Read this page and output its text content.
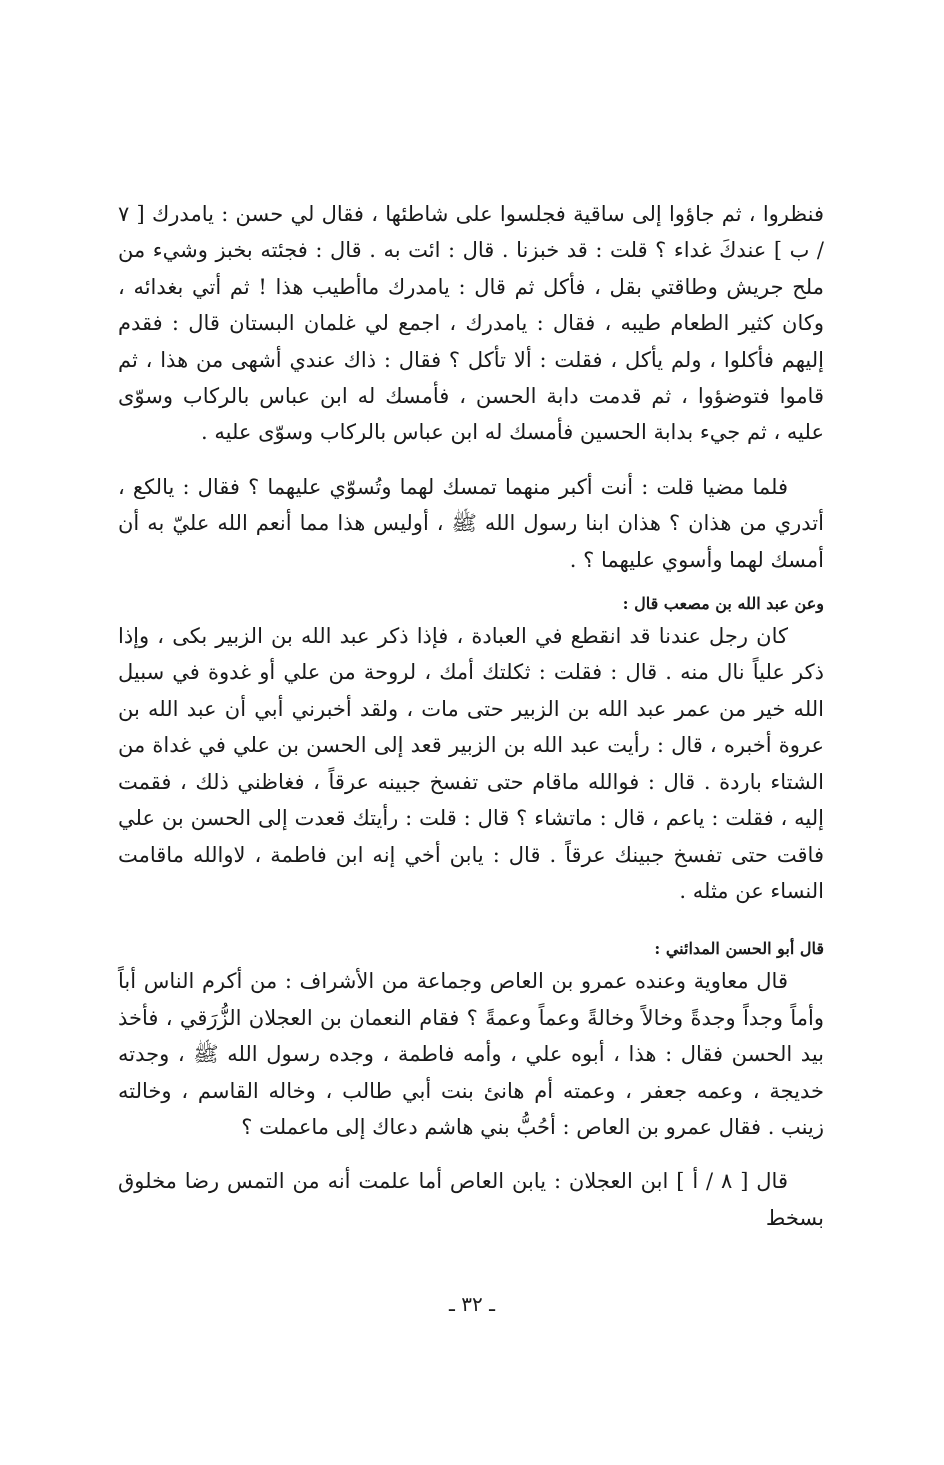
فنظروا ، ثم جاؤوا إلى ساقية فجلسوا على شاطئها ، فقال لي حسن : يامدرك [ ٧ / ب ] عندكَ غداء ؟ قلت : قد خبزنا . قال : ائت به . قال : فجئته بخبز وشيء من ملح جريش وطاقتي بقل ، فأكل ثم قال : يامدرك ماأطيب هذا ! ثم أتي بغدائه ، وكان كثير الطعام طيبه ، فقال : يامدرك ، اجمع لي غلمان البستان قال : فقدم إليهم فأكلوا ، ولم يأكل ، فقلت : ألا تأكل ؟ فقال : ذاك عندي أشهى من هذا ، ثم قاموا فتوضؤوا ، ثم قدمت دابة الحسن ، فأمسك له ابن عباس بالركاب وسوّى عليه ، ثم جيء بدابة الحسين فأمسك له ابن عباس بالركاب وسوّى عليه .

فلما مضيا قلت : أنت أكبر منهما تمسك لهما وتُسوّي عليهما ؟ فقال : يالكع ، أتدري من هذان ؟ هذان ابنا رسول الله ﷺ ، أوليس هذا مما أنعم الله عليّ به أن أمسك لهما وأسوي عليهما ؟ .

وعن عبد الله بن مصعب قال :

كان رجل عندنا قد انقطع في العبادة ، فإذا ذكر عبد الله بن الزبير بكى ، وإذا ذكر علياً نال منه . قال : فقلت : ثكلتك أمك ، لروحة من علي أو غدوة في سبيل الله خير من عمر عبد الله بن الزبير حتى مات ، ولقد أخبرني أبي أن عبد الله بن عروة أخبره ، قال : رأيت عبد الله بن الزبير قعد إلى الحسن بن علي في غداة من الشتاء باردة . قال : فوالله ماقام حتى تفسخ جبينه عرقاً ، فغاظني ذلك ، فقمت إليه ، فقلت : ياعم ، قال : ماتشاء ؟ قال : قلت : رأيتك قعدت إلى الحسن بن علي فاقت حتى تفسخ جبينك عرقاً . قال : يابن أخي إنه ابن فاطمة ، لاوالله ماقامت النساء عن مثله .

قال أبو الحسن المدائني :

قال معاوية وعنده عمرو بن العاص وجماعة من الأشراف : من أكرم الناس أباً وأماً وجداً وجدةً وخالاً وخالةً وعماً وعمةً ؟ فقام النعمان بن العجلان الزُّرَقي ، فأخذ بيد الحسن فقال : هذا ، أبوه علي ، وأمه فاطمة ، وجده رسول الله ﷺ ، وجدته خديجة ، وعمه جعفر ، وعمته أم هانئ بنت أبي طالب ، وخاله القاسم ، وخالته زينب . فقال عمرو بن العاص : أحُبُّ بني هاشم دعاك إلى ماعملت ؟

قال [ ٨ / أ ] ابن العجلان : يابن العاص أما علمت أنه من التمس رضا مخلوق بسخط

ـ ٣٢ ـ
